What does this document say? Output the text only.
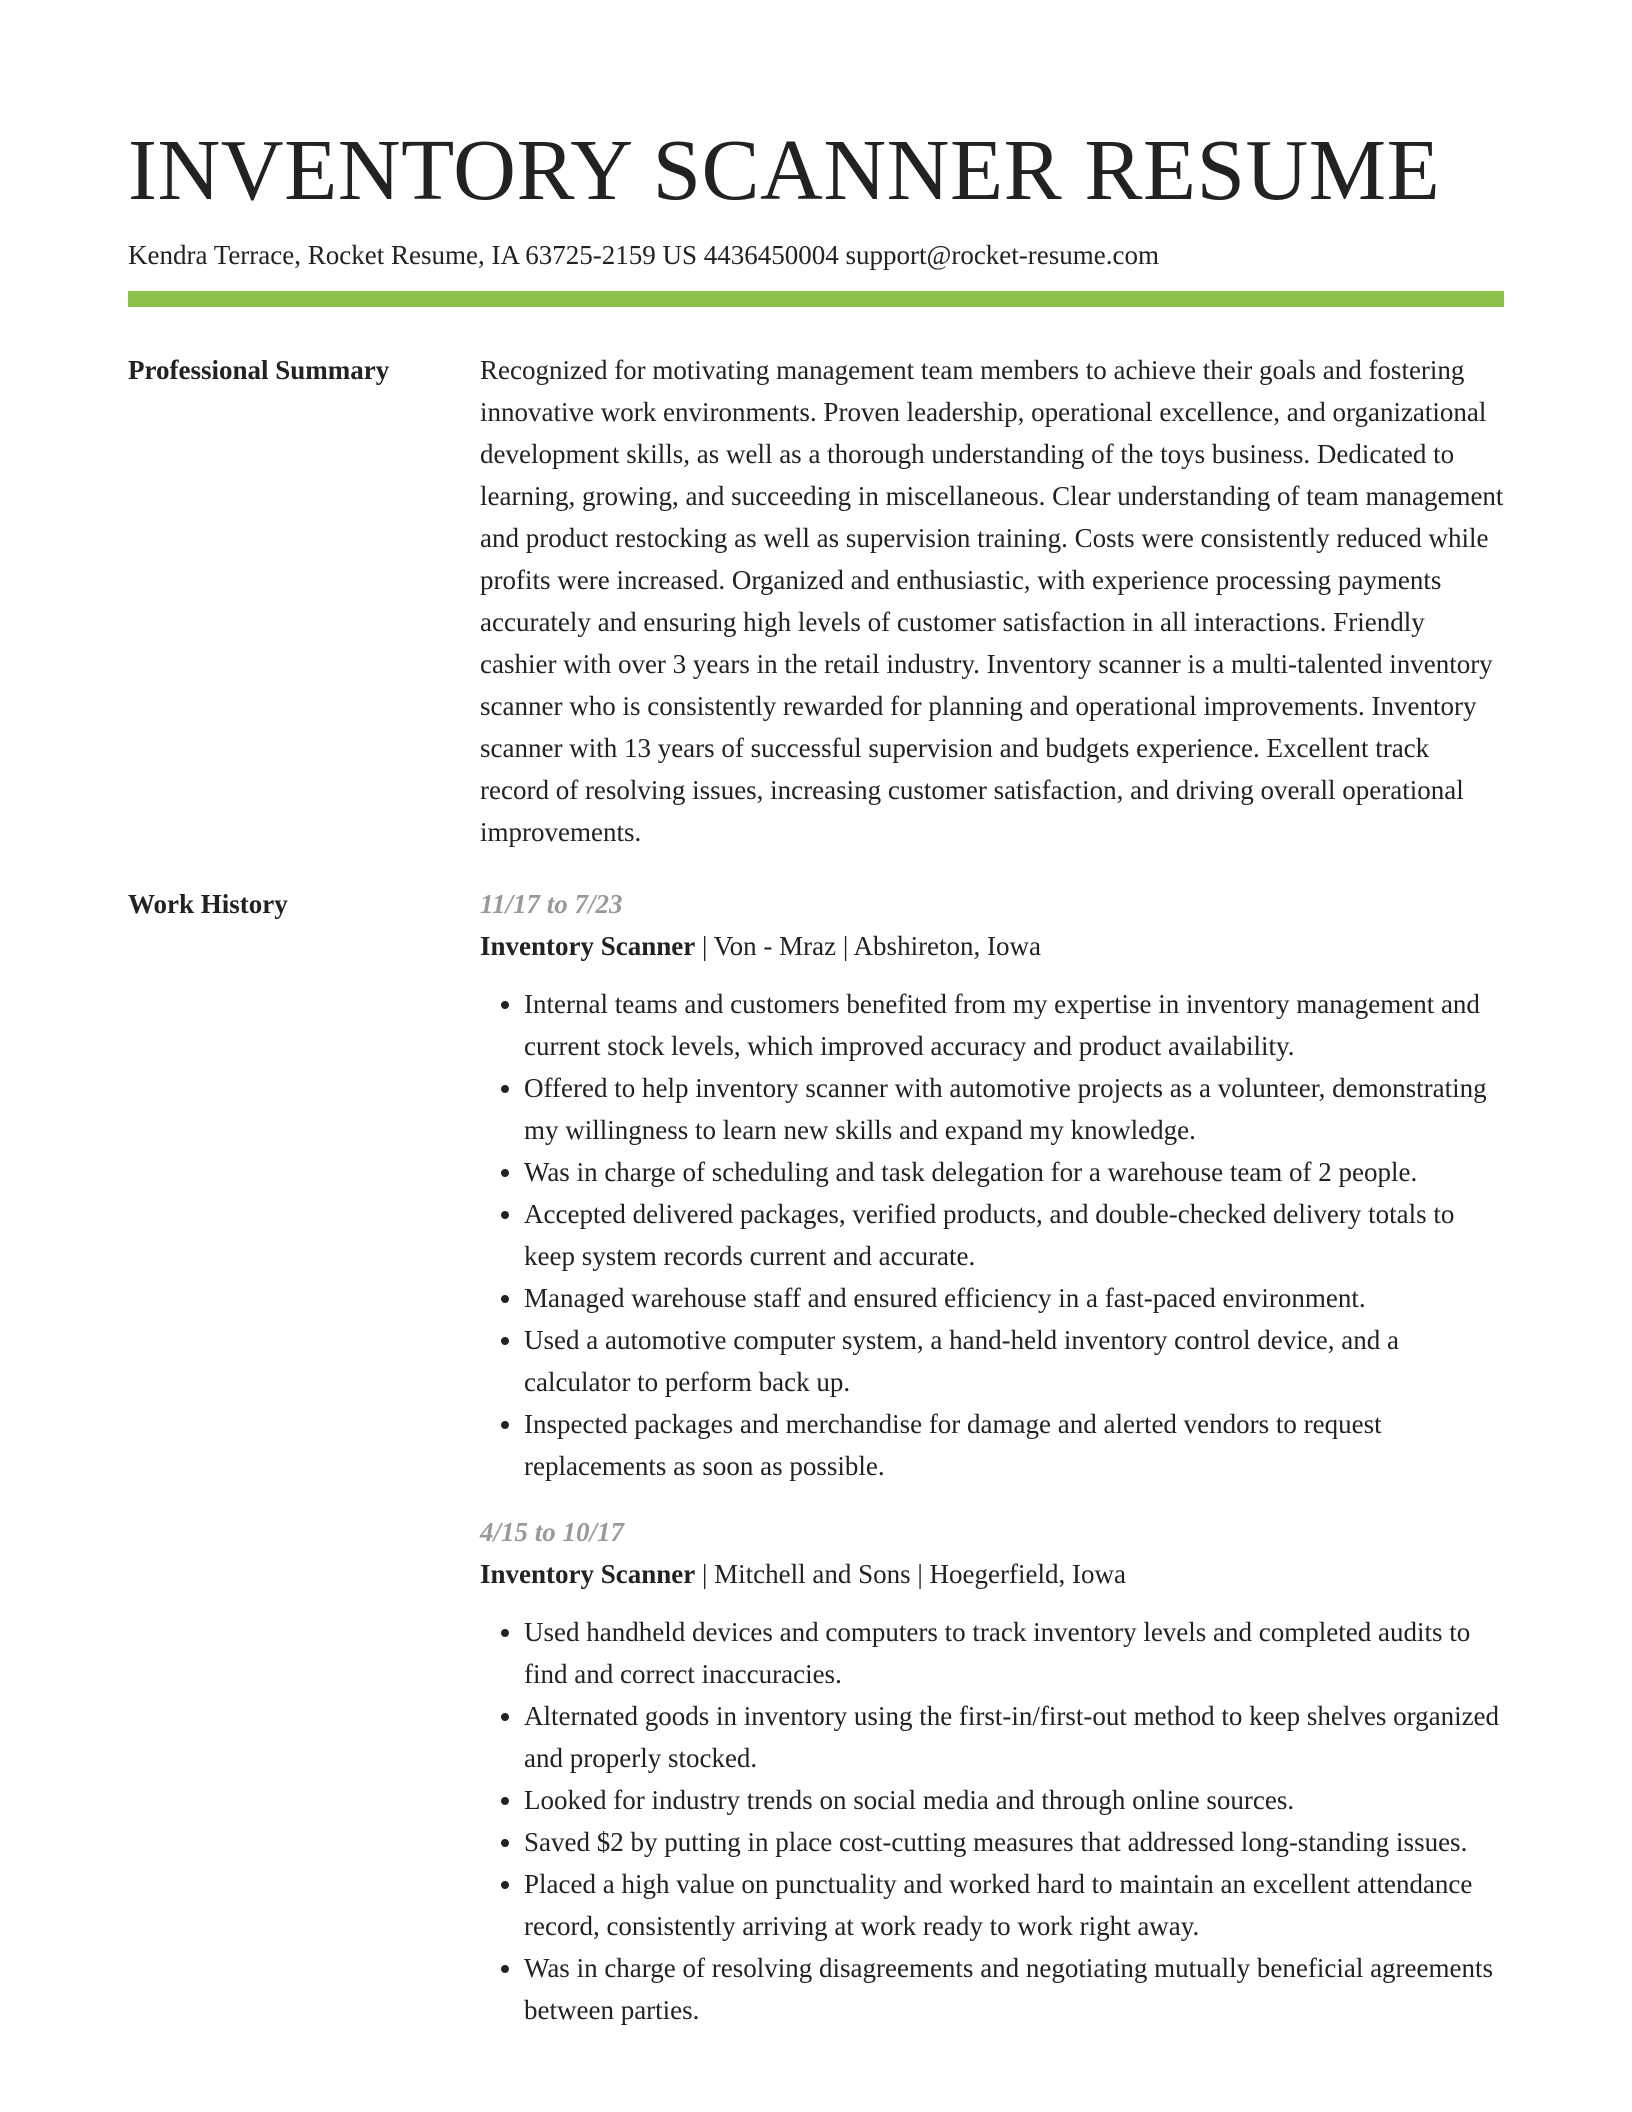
INVENTORY SCANNER RESUME
Kendra Terrace, Rocket Resume, IA 63725-2159 US 4436450004 support@rocket-resume.com
Professional Summary	Recognized for motivating management team members to achieve their goals and fostering innovative work environments. Proven leadership, operational excellence, and organizational development skills, as well as a thorough understanding of the toys business. Dedicated to learning, growing, and succeeding in miscellaneous. Clear understanding of team management and product restocking as well as supervision training. Costs were consistently reduced while profits were increased. Organized and enthusiastic, with experience processing payments accurately and ensuring high levels of customer satisfaction in all interactions. Friendly cashier with over 3 years in the retail industry. Inventory scanner is a multi-talented inventory scanner who is consistently rewarded for planning and operational improvements. Inventory scanner with 13 years of successful supervision and budgets experience. Excellent track record of resolving issues, increasing customer satisfaction, and driving overall operational improvements.

Work History	11/17 to 7/23
Inventory Scanner | Von - Mraz | Abshireton, Iowa
• Internal teams and customers benefited from my expertise in inventory management and current stock levels, which improved accuracy and product availability.
• Offered to help inventory scanner with automotive projects as a volunteer, demonstrating my willingness to learn new skills and expand my knowledge.
• Was in charge of scheduling and task delegation for a warehouse team of 2 people.
• Accepted delivered packages, verified products, and double-checked delivery totals to keep system records current and accurate.
• Managed warehouse staff and ensured efficiency in a fast-paced environment.
• Used a automotive computer system, a hand-held inventory control device, and a calculator to perform back up.
• Inspected packages and merchandise for damage and alerted vendors to request replacements as soon as possible.
4/15 to 10/17
Inventory Scanner | Mitchell and Sons | Hoegerfield, Iowa
• Used handheld devices and computers to track inventory levels and completed audits to find and correct inaccuracies.
• Alternated goods in inventory using the first-in/first-out method to keep shelves organized and properly stocked.
• Looked for industry trends on social media and through online sources.
• Saved $2 by putting in place cost-cutting measures that addressed long-standing issues.
• Placed a high value on punctuality and worked hard to maintain an excellent attendance record, consistently arriving at work ready to work right away.
• Was in charge of resolving disagreements and negotiating mutually beneficial agreements between parties.
